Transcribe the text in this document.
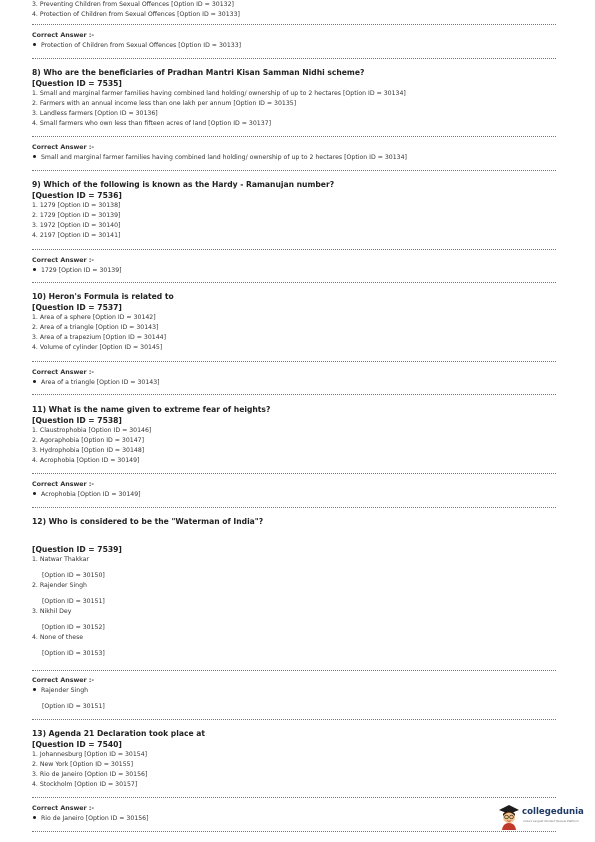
3. Preventing Children from Sexual Offences [Option ID = 30132]
4. Protection of Children from Sexual Offences [Option ID = 30133]
Correct Answer :-
Protection of Children from Sexual Offences [Option ID = 30133]
8) Who are the beneficiaries of Pradhan Mantri Kisan Samman Nidhi scheme?
[Question ID = 7535]
1. Small and marginal farmer families having combined land holding/ ownership of up to 2 hectares [Option ID = 30134]
2. Farmers with an annual income less than one lakh per annum [Option ID = 30135]
3. Landless farmers [Option ID = 30136]
4. Small farmers who own less than fifteen acres of land [Option ID = 30137]
Correct Answer :-
Small and marginal farmer families having combined land holding/ ownership of up to 2 hectares [Option ID = 30134]
9) Which of the following is known as the Hardy - Ramanujan number?
[Question ID = 7536]
1. 1279 [Option ID = 30138]
2. 1729 [Option ID = 30139]
3. 1972 [Option ID = 30140]
4. 2197 [Option ID = 30141]
Correct Answer :-
1729 [Option ID = 30139]
10) Heron's Formula is related to
[Question ID = 7537]
1. Area of a sphere [Option ID = 30142]
2. Area of a triangle [Option ID = 30143]
3. Area of a trapezium [Option ID = 30144]
4. Volume of cylinder [Option ID = 30145]
Correct Answer :-
Area of a triangle [Option ID = 30143]
11) What is the name given to extreme fear of heights?
[Question ID = 7538]
1. Claustrophobia [Option ID = 30146]
2. Agoraphobia [Option ID = 30147]
3. Hydrophobia [Option ID = 30148]
4. Acrophobia [Option ID = 30149]
Correct Answer :-
Acrophobia [Option ID = 30149]
12) Who is considered to be the "Waterman of India"?
[Question ID = 7539]
1. Natwar Thakkar
[Option ID = 30150]
2. Rajender Singh
[Option ID = 30151]
3. Nikhil Dey
[Option ID = 30152]
4. None of these
[Option ID = 30153]
Correct Answer :-
Rajender Singh
[Option ID = 30151]
13) Agenda 21 Declaration took place at
[Question ID = 7540]
1. Johannesburg [Option ID = 30154]
2. New York [Option ID = 30155]
3. Rio de Janeiro [Option ID = 30156]
4. Stockholm [Option ID = 30157]
Correct Answer :-
Rio de Janeiro [Option ID = 30156]
collegedunia
India's Largest Student Review Platform
